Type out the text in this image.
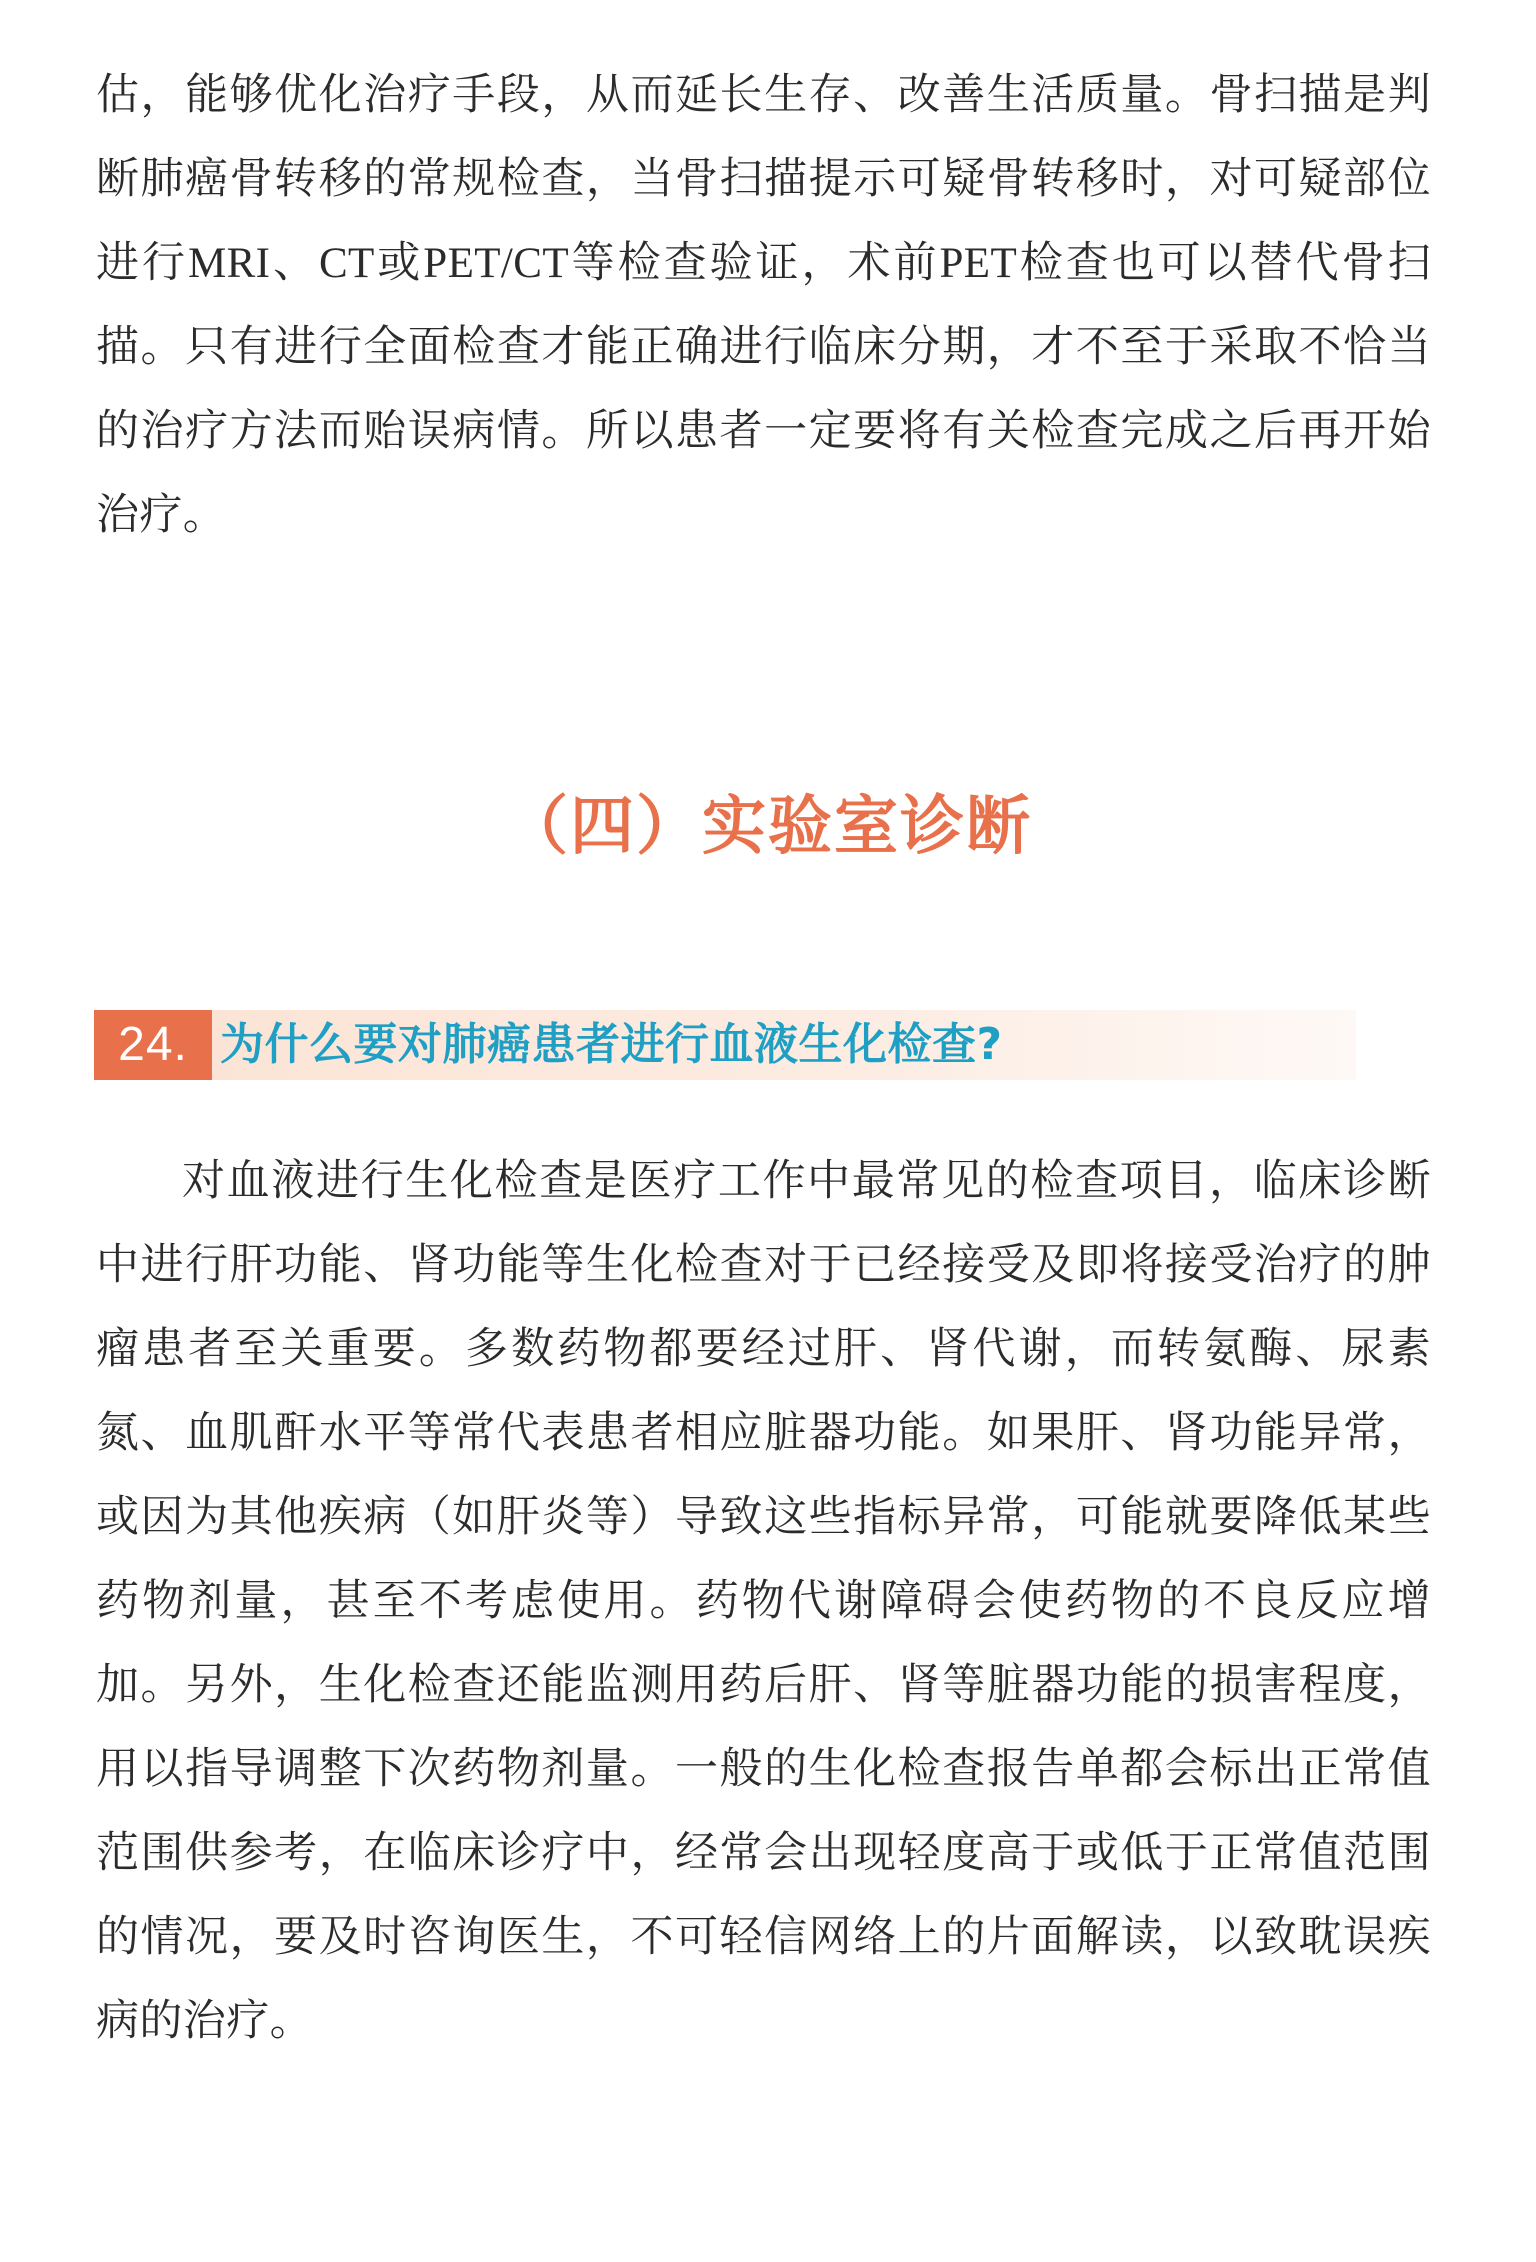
估，能够优化治疗手段，从而延长生存、改善生活质量。骨扫描是判断肺癌骨转移的常规检查，当骨扫描提示可疑骨转移时，对可疑部位进行MRI、CT或PET/CT等检查验证，术前PET检查也可以替代骨扫描。只有进行全面检查才能正确进行临床分期，才不至于采取不恰当的治疗方法而贻误病情。所以患者一定要将有关检查完成之后再开始治疗。

（四）实验室诊断
24. 为什么要对肺癌患者进行血液生化检查?

对血液进行生化检查是医疗工作中最常见的检查项目，临床诊断中进行肝功能、肾功能等生化检查对于已经接受及即将接受治疗的肿瘤患者至关重要。多数药物都要经过肝、肾代谢，而转氨酶、尿素氮、血肌酐水平等常代表患者相应脏器功能。如果肝、肾功能异常，或因为其他疾病（如肝炎等）导致这些指标异常，可能就要降低某些药物剂量，甚至不考虑使用。药物代谢障碍会使药物的不良反应增加。另外，生化检查还能监测用药后肝、肾等脏器功能的损害程度，用以指导调整下次药物剂量。一般的生化检查报告单都会标出正常值范围供参考，在临床诊疗中，经常会出现轻度高于或低于正常值范围的情况，要及时咨询医生，不可轻信网络上的片面解读，以致耽误疾病的治疗。
